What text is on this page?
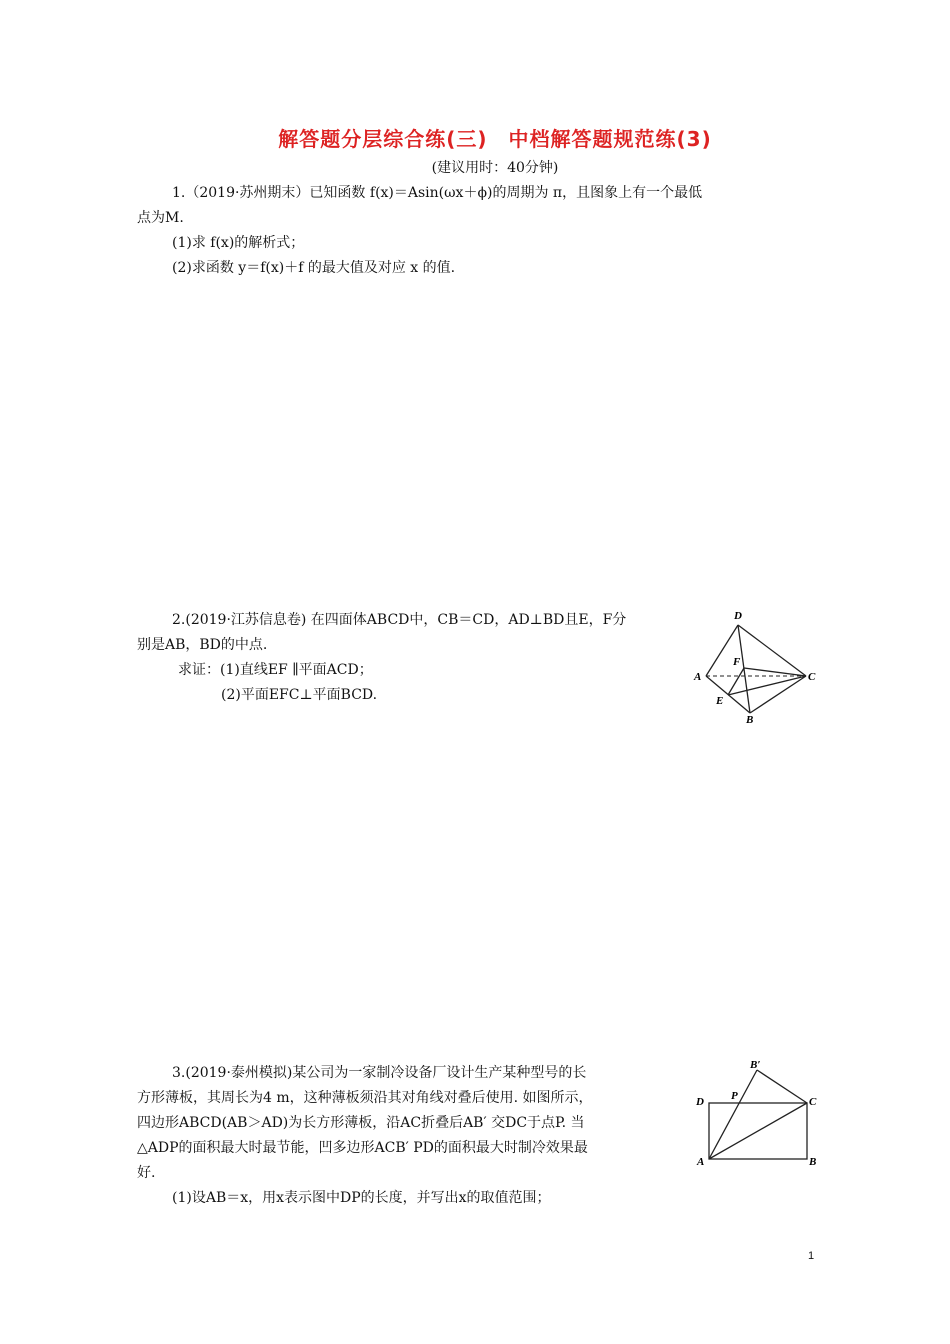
解答题分层综合练(三)　中档解答题规范练(3)
(建议用时：40分钟)
1.（2019·苏州期末）已知函数 f(x)＝Asin(ωx＋ϕ)的周期为 π，且图象上有一个最低
点为M.
(1)求 f(x)的解析式；
(2)求函数 y＝f(x)＋f 的最大值及对应 x 的值.
2.(2019·江苏信息卷) 在四面体ABCD中，CB＝CD，AD⊥BD且E，F分
别是AB，BD的中点.
求证：(1)直线EF ∥平面ACD；
(2)平面EFC⊥平面BCD.
D
F
A	C
E
B
3.(2019·泰州模拟)某公司为一家制冷设备厂设计生产某种型号的长
方形薄板，其周长为4 m，这种薄板须沿其对角线对叠后使用. 如图所示，
四边形ABCD(AB＞AD)为长方形薄板，沿AC折叠后AB′ 交DC于点P. 当
△ADP的面积最大时最节能，凹多边形ACB′ PD的面积最大时制冷效果最
好.
(1)设AB＝x，用x表示图中DP的长度，并写出x的取值范围；
B′
D P	C
A	B
1
